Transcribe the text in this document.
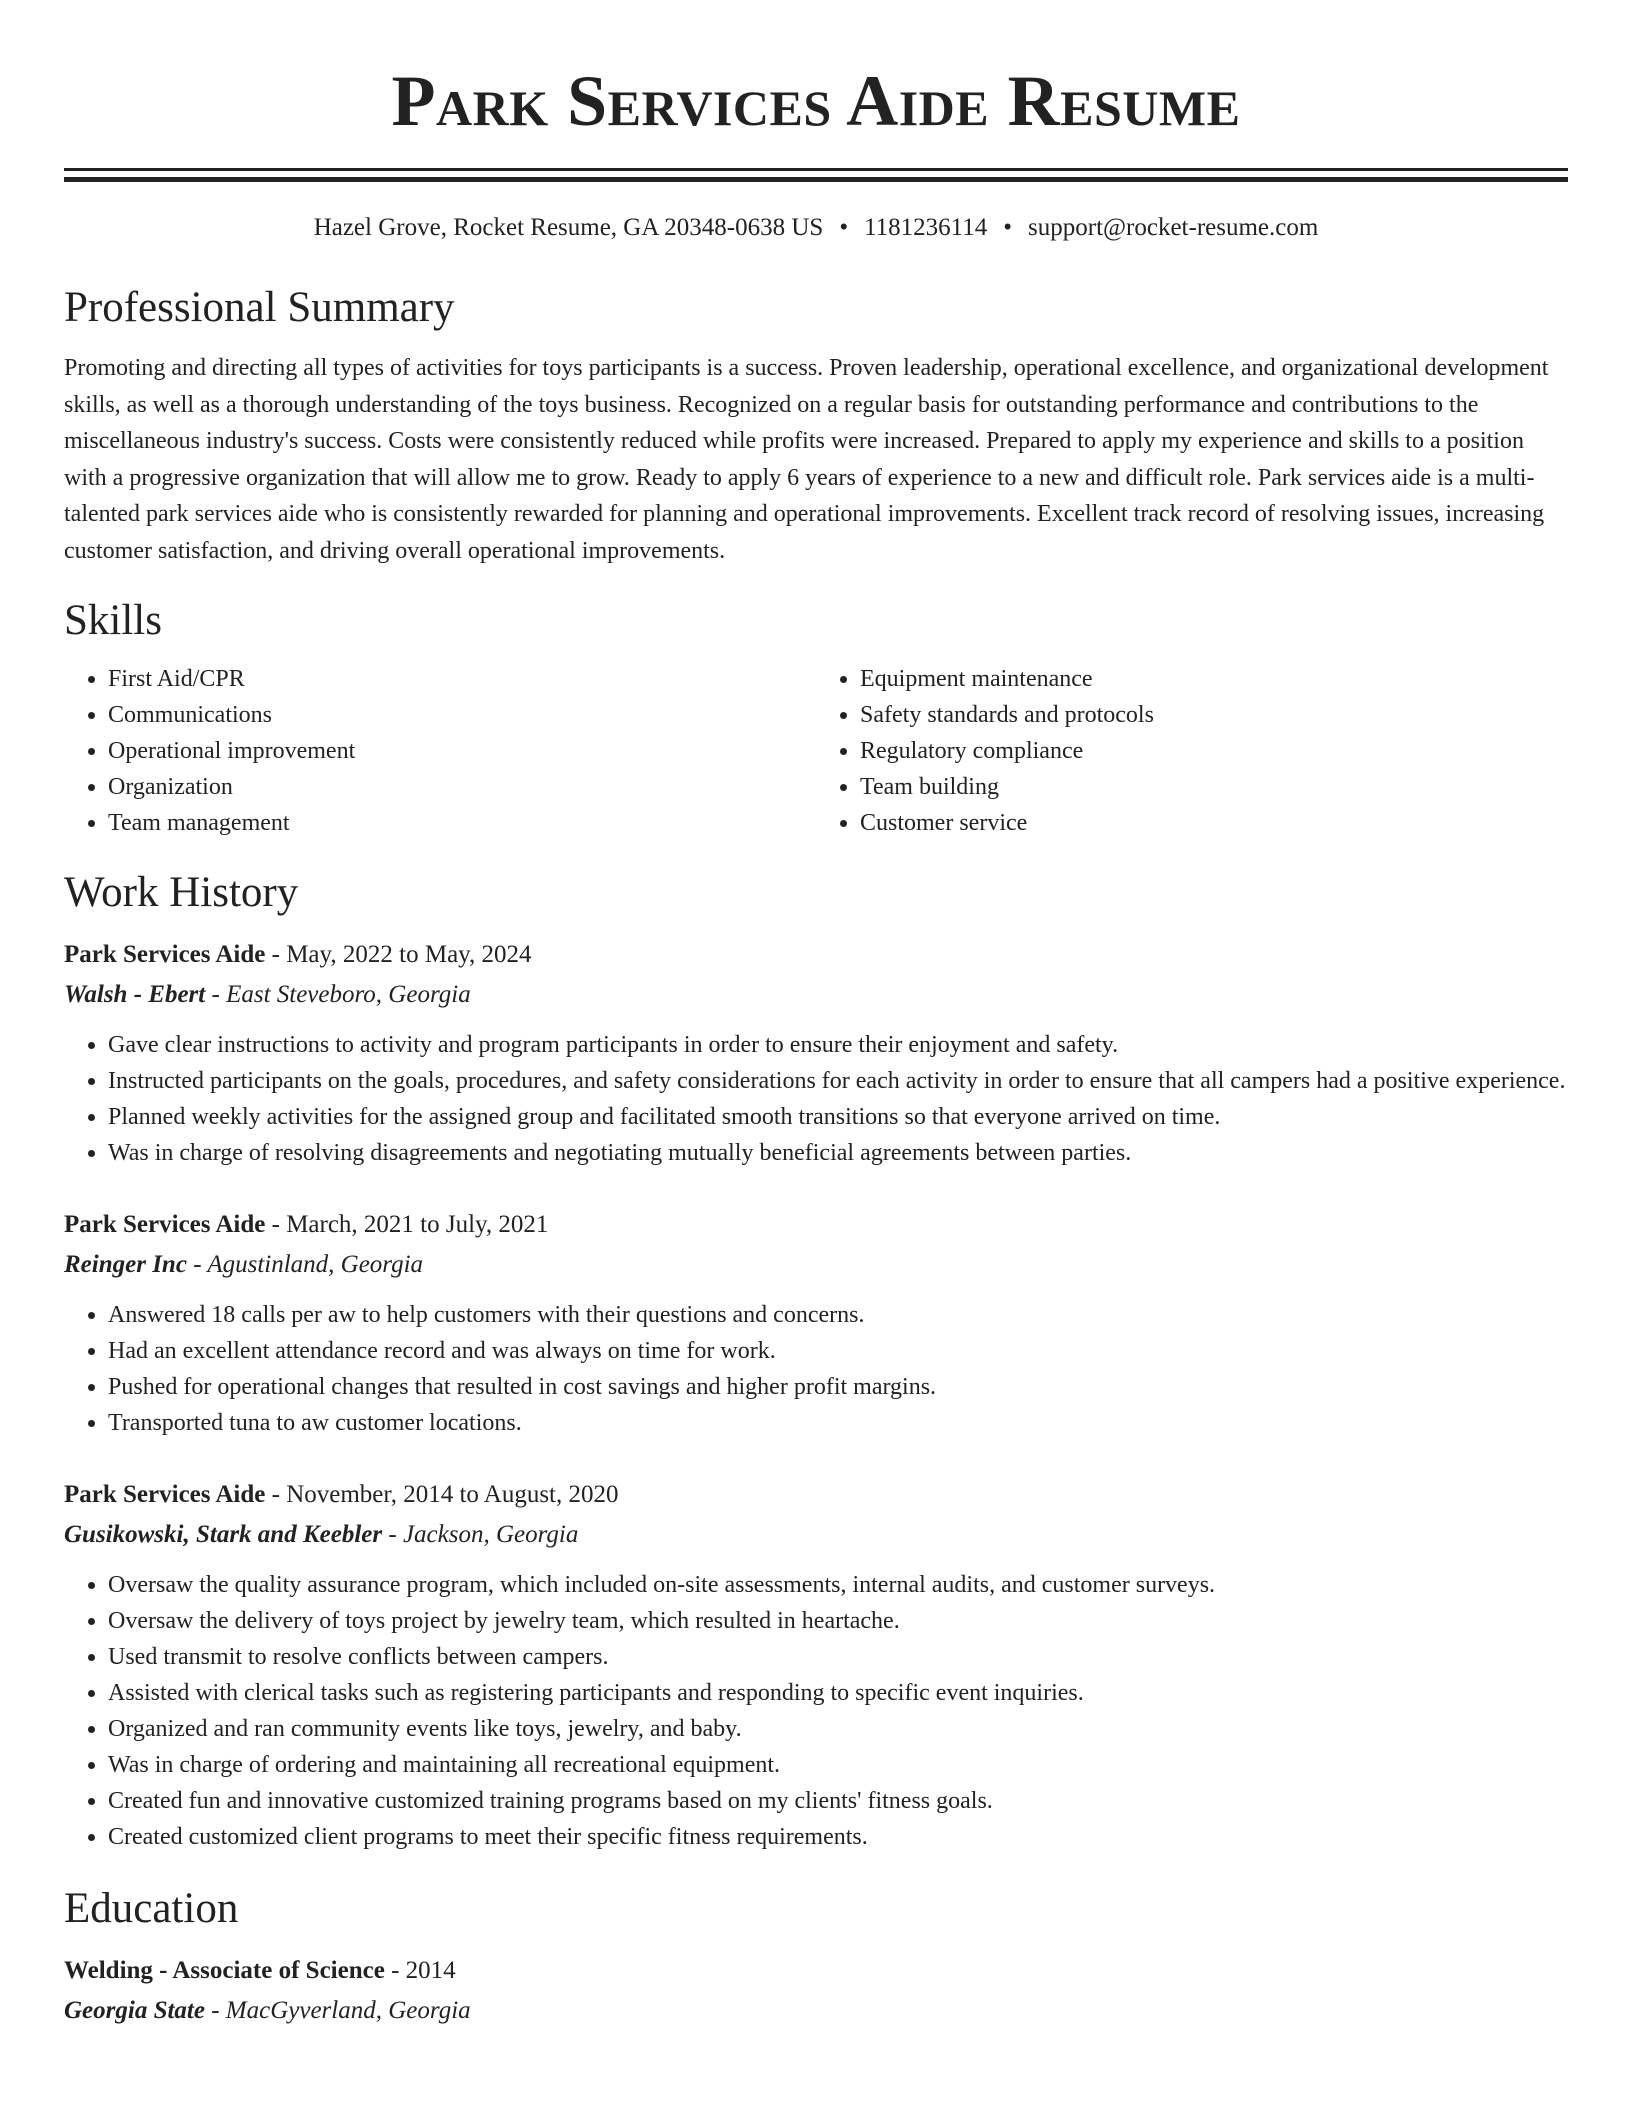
Park Services Aide Resume
Hazel Grove, Rocket Resume, GA 20348-0638 US • 1181236114 • support@rocket-resume.com
Professional Summary

Promoting and directing all types of activities for toys participants is a success. Proven leadership, operational excellence, and organizational development skills, as well as a thorough understanding of the toys business. Recognized on a regular basis for outstanding performance and contributions to the miscellaneous industry's success. Costs were consistently reduced while profits were increased. Prepared to apply my experience and skills to a position with a progressive organization that will allow me to grow. Ready to apply 6 years of experience to a new and difficult role. Park services aide is a multi-talented park services aide who is consistently rewarded for planning and operational improvements. Excellent track record of resolving issues, increasing customer satisfaction, and driving overall operational improvements.

Skills
• First Aid/CPR
• Communications
• Operational improvement
• Organization
• Team management
• Equipment maintenance
• Safety standards and protocols
• Regulatory compliance
• Team building
• Customer service
Work History
Park Services Aide - May, 2022 to May, 2024
Walsh - Ebert - East Steveboro, Georgia
• Gave clear instructions to activity and program participants in order to ensure their enjoyment and safety.
• Instructed participants on the goals, procedures, and safety considerations for each activity in order to ensure that all campers had a positive experience.
• Planned weekly activities for the assigned group and facilitated smooth transitions so that everyone arrived on time.
• Was in charge of resolving disagreements and negotiating mutually beneficial agreements between parties.
Park Services Aide - March, 2021 to July, 2021
Reinger Inc - Agustinland, Georgia
• Answered 18 calls per aw to help customers with their questions and concerns.
• Had an excellent attendance record and was always on time for work.
• Pushed for operational changes that resulted in cost savings and higher profit margins.
• Transported tuna to aw customer locations.
Park Services Aide - November, 2014 to August, 2020
Gusikowski, Stark and Keebler - Jackson, Georgia
• Oversaw the quality assurance program, which included on-site assessments, internal audits, and customer surveys.
• Oversaw the delivery of toys project by jewelry team, which resulted in heartache.
• Used transmit to resolve conflicts between campers.
• Assisted with clerical tasks such as registering participants and responding to specific event inquiries.
• Organized and ran community events like toys, jewelry, and baby.
• Was in charge of ordering and maintaining all recreational equipment.
• Created fun and innovative customized training programs based on my clients' fitness goals.
• Created customized client programs to meet their specific fitness requirements.
Education
Welding - Associate of Science - 2014
Georgia State - MacGyverland, Georgia
